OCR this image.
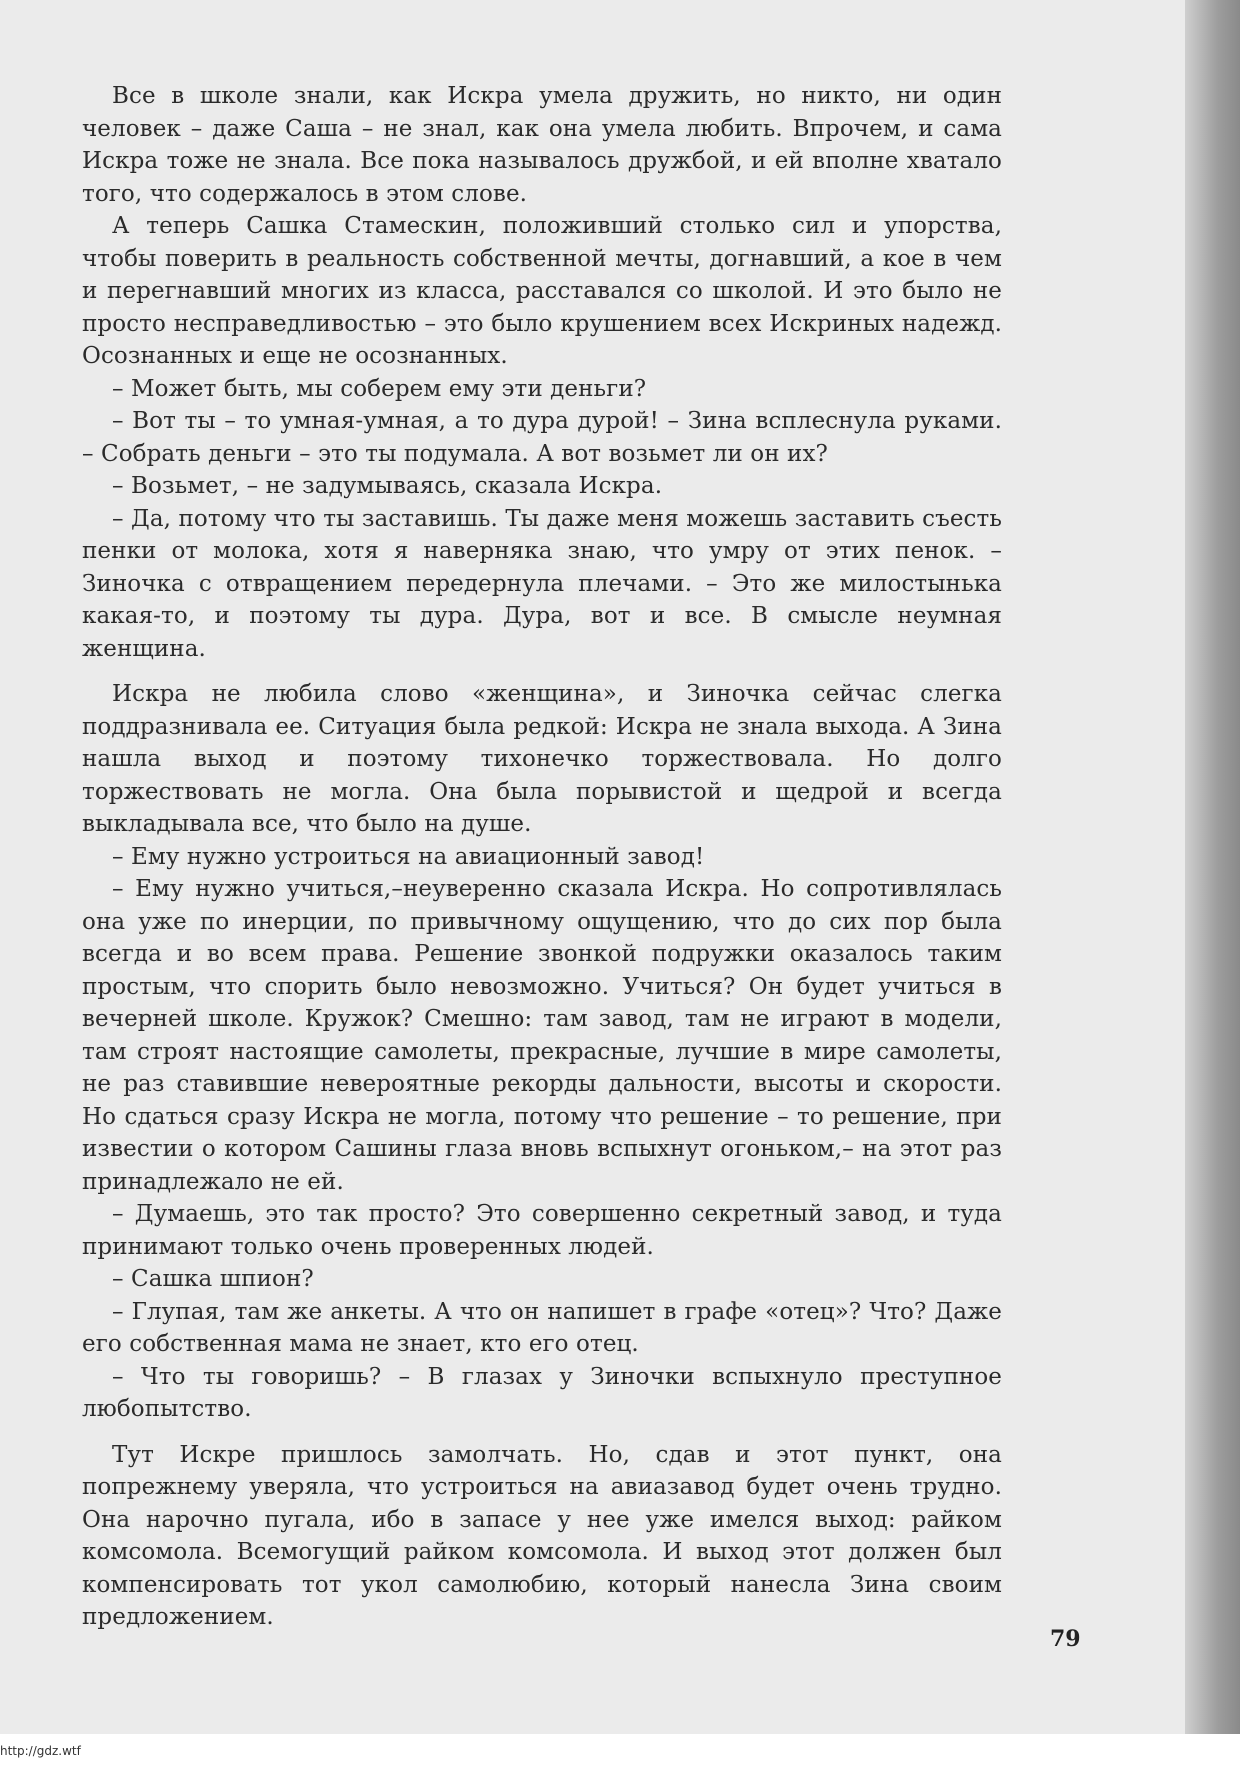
Все в школе знали, как Искра умела дружить, но никто, ни один человек – даже Саша – не знал, как она умела любить. Впрочем, и сама Искра тоже не знала. Все пока называлось дружбой, и ей вполне хватало того, что содержалось в этом слове.

А теперь Сашка Стамескин, положивший столько сил и упорства, чтобы поверить в реальность собственной мечты, догнавший, а кое в чем и перегнавший многих из класса, расставался со школой. И это было не просто несправедливостью – это было крушением всех Искриных надежд. Осознанных и еще не осознанных.

– Может быть, мы соберем ему эти деньги?

– Вот ты – то умная-умная, а то дура дурой! – Зина всплеснула руками. – Собрать деньги – это ты подумала. А вот возьмет ли он их?

– Возьмет, – не задумываясь, сказала Искра.

– Да, потому что ты заставишь. Ты даже меня можешь заставить съесть пенки от молока, хотя я наверняка знаю, что умру от этих пенок. – Зиночка с отвращением передернула плечами. – Это же милостынька какая-то, и поэтому ты дура. Дура, вот и все. В смысле неумная женщина.

Искра не любила слово «женщина», и Зиночка сейчас слегка поддразнивала ее. Ситуация была редкой: Искра не знала выхода. А Зина нашла выход и поэтому тихонечко торжествовала. Но долго торжествовать не могла. Она была порывистой и щедрой и всегда выкладывала все, что было на душе.

– Ему нужно устроиться на авиационный завод!

– Ему нужно учиться,–неуверенно сказала Искра. Но сопротивлялась она уже по инерции, по привычному ощущению, что до сих пор была всегда и во всем права. Решение звонкой подружки оказалось таким простым, что спорить было невозможно. Учиться? Он будет учиться в вечерней школе. Кружок? Смешно: там завод, там не играют в модели, там строят настоящие самолеты, прекрасные, лучшие в мире самолеты, не раз ставившие невероятные рекорды дальности, высоты и скорости. Но сдаться сразу Искра не могла, потому что решение – то решение, при известии о котором Сашины глаза вновь вспыхнут огоньком,– на этот раз принадлежало не ей.

– Думаешь, это так просто? Это совершенно секретный завод, и туда принимают только очень проверенных людей.

– Сашка шпион?

– Глупая, там же анкеты. А что он напишет в графе «отец»? Что? Даже его собственная мама не знает, кто его отец.

– Что ты говоришь? – В глазах у Зиночки вспыхнуло преступное любопытство.

Тут Искре пришлось замолчать. Но, сдав и этот пункт, она попрежнему уверяла, что устроиться на авиазавод будет очень трудно. Она нарочно пугала, ибо в запасе у нее уже имелся выход: райком комсомола. Всемогущий райком комсомола. И выход этот должен был компенсировать тот укол самолюбию, который нанесла Зина своим предложением.

79
http://gdz.wtf
